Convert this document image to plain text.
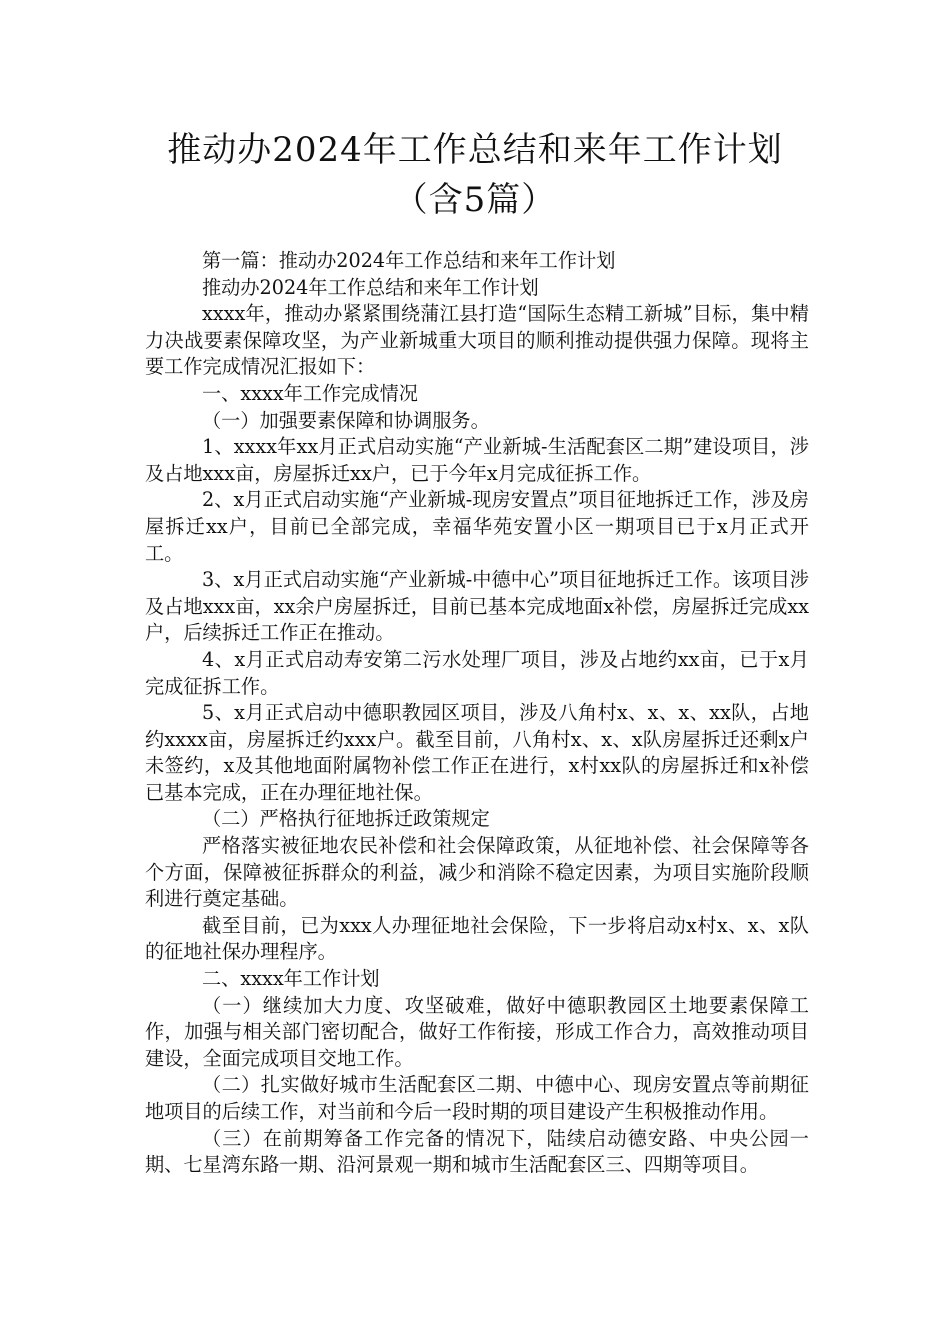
推动办2024年工作总结和来年工作计划
（含5篇）

第一篇：推动办2024年工作总结和来年工作计划

推动办2024年工作总结和来年工作计划

xxxx年，推动办紧紧围绕蒲江县打造“国际生态精工新城”目标，集中精力决战要素保障攻坚，为产业新城重大项目的顺利推动提供强力保障。现将主要工作完成情况汇报如下：

一、xxxx年工作完成情况

（一）加强要素保障和协调服务。

1、xxxx年xx月正式启动实施“产业新城-生活配套区二期”建设项目，涉及占地xxx亩，房屋拆迁xx户，已于今年x月完成征拆工作。

2、x月正式启动实施“产业新城-现房安置点”项目征地拆迁工作，涉及房屋拆迁xx户，目前已全部完成，幸福华苑安置小区一期项目已于x月正式开工。

3、x月正式启动实施“产业新城-中德中心”项目征地拆迁工作。该项目涉及占地xxx亩，xx余户房屋拆迁，目前已基本完成地面x补偿，房屋拆迁完成xx户，后续拆迁工作正在推动。

4、x月正式启动寿安第二污水处理厂项目，涉及占地约xx亩，已于x月完成征拆工作。

5、x月正式启动中德职教园区项目，涉及八角村x、x、x、xx队，占地约xxxx亩，房屋拆迁约xxx户。截至目前，八角村x、x、x队房屋拆迁还剩x户未签约，x及其他地面附属物补偿工作正在进行，x村xx队的房屋拆迁和x补偿已基本完成，正在办理征地社保。

（二）严格执行征地拆迁政策规定

严格落实被征地农民补偿和社会保障政策，从征地补偿、社会保障等各个方面，保障被征拆群众的利益，减少和消除不稳定因素，为项目实施阶段顺利进行奠定基础。

截至目前，已为xxx人办理征地社会保险，下一步将启动x村x、x、x队的征地社保办理程序。

二、xxxx年工作计划

（一）继续加大力度、攻坚破难，做好中德职教园区土地要素保障工作，加强与相关部门密切配合，做好工作衔接，形成工作合力，高效推动项目建设，全面完成项目交地工作。

（二）扎实做好城市生活配套区二期、中德中心、现房安置点等前期征地项目的后续工作，对当前和今后一段时期的项目建设产生积极推动作用。

（三）在前期筹备工作完备的情况下，陆续启动德安路、中央公园一期、七星湾东路一期、沿河景观一期和城市生活配套区三、四期等项目。
